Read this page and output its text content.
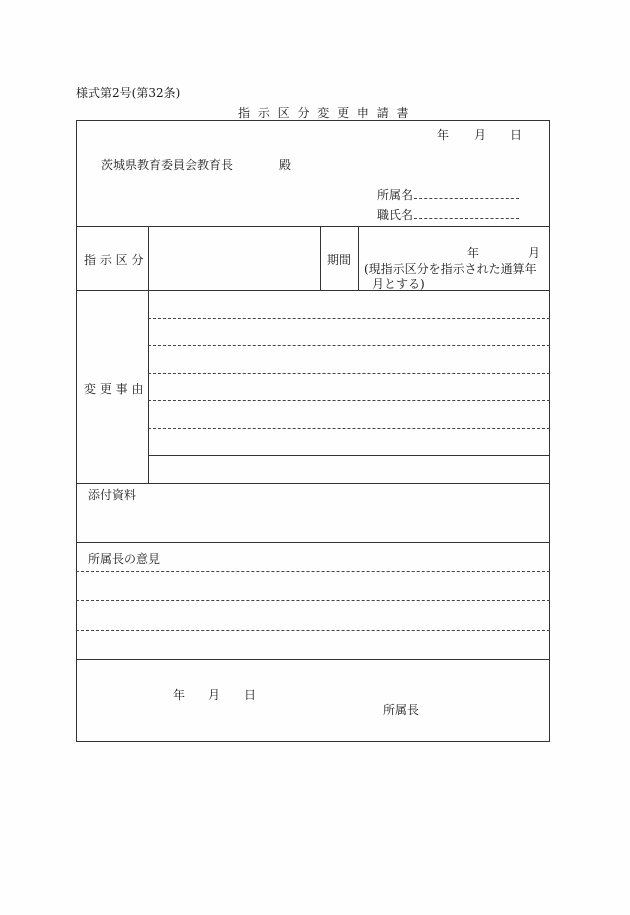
様式第2号(第32条)
指 示 区 分 変 更 申 請 書
年 月 日
茨城県教育委員会教育長	殿
所属名
職氏名
指 示 区 分	期間	年	月
(現指示区分を指示された通算年
月とする)
変 更 事 由
添付資料
所属長の意見
年 月 日
所属長
